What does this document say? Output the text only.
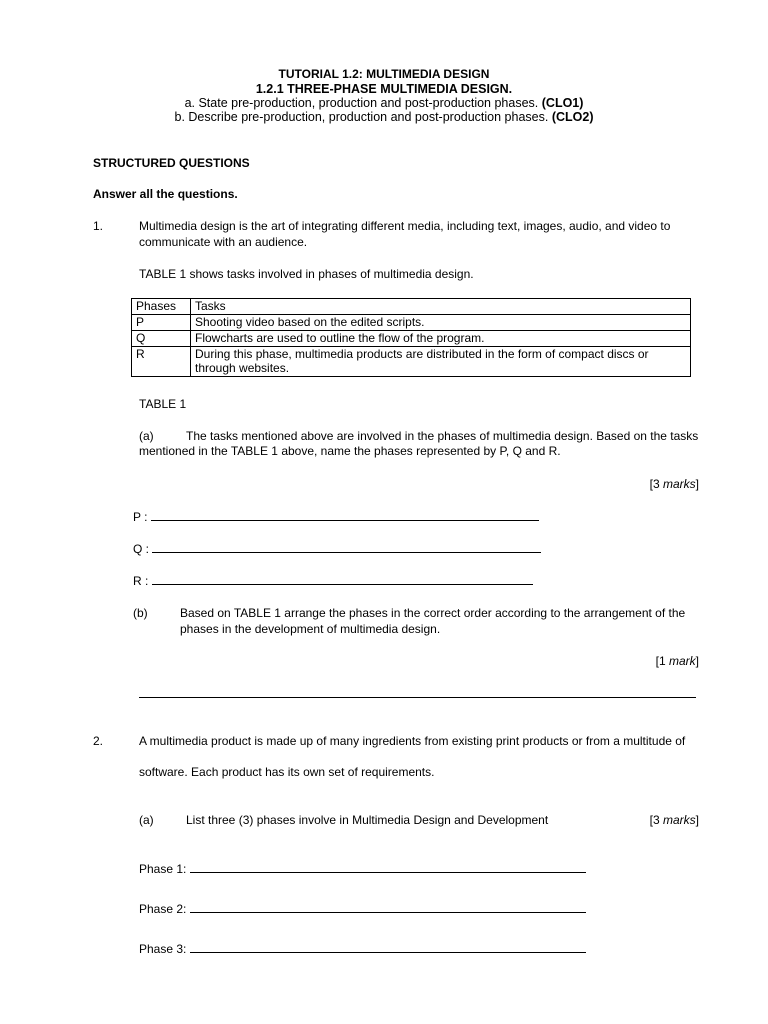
TUTORIAL 1.2: MULTIMEDIA DESIGN
1.2.1 THREE-PHASE MULTIMEDIA DESIGN.
a. State pre-production, production and post-production phases. (CLO1)
b. Describe pre-production, production and post-production phases. (CLO2)
STRUCTURED QUESTIONS
Answer all the questions.
1.	Multimedia design is the art of integrating different media, including text, images, audio, and video to
communicate with an audience.
TABLE 1 shows tasks involved in phases of multimedia design.
Phases	Tasks
P	Shooting video based on the edited scripts.
Q	Flowcharts are used to outline the flow of the program.
R	During this phase, multimedia products are distributed in the form of compact discs or through websites.
TABLE 1
(a)	The tasks mentioned above are involved in the phases of multimedia design. Based on the tasks
mentioned in the TABLE 1 above, name the phases represented by P, Q and R.
[3 marks]
P :
Q :
R :
(b)	Based on TABLE 1 arrange the phases in the correct order according to the arrangement of the
phases in the development of multimedia design.
[1 mark]
2.	A multimedia product is made up of many ingredients from existing print products or from a multitude of
software. Each product has its own set of requirements.
(a)	List three (3) phases involve in Multimedia Design and Development	[3 marks]
Phase 1:
Phase 2:
Phase 3:
